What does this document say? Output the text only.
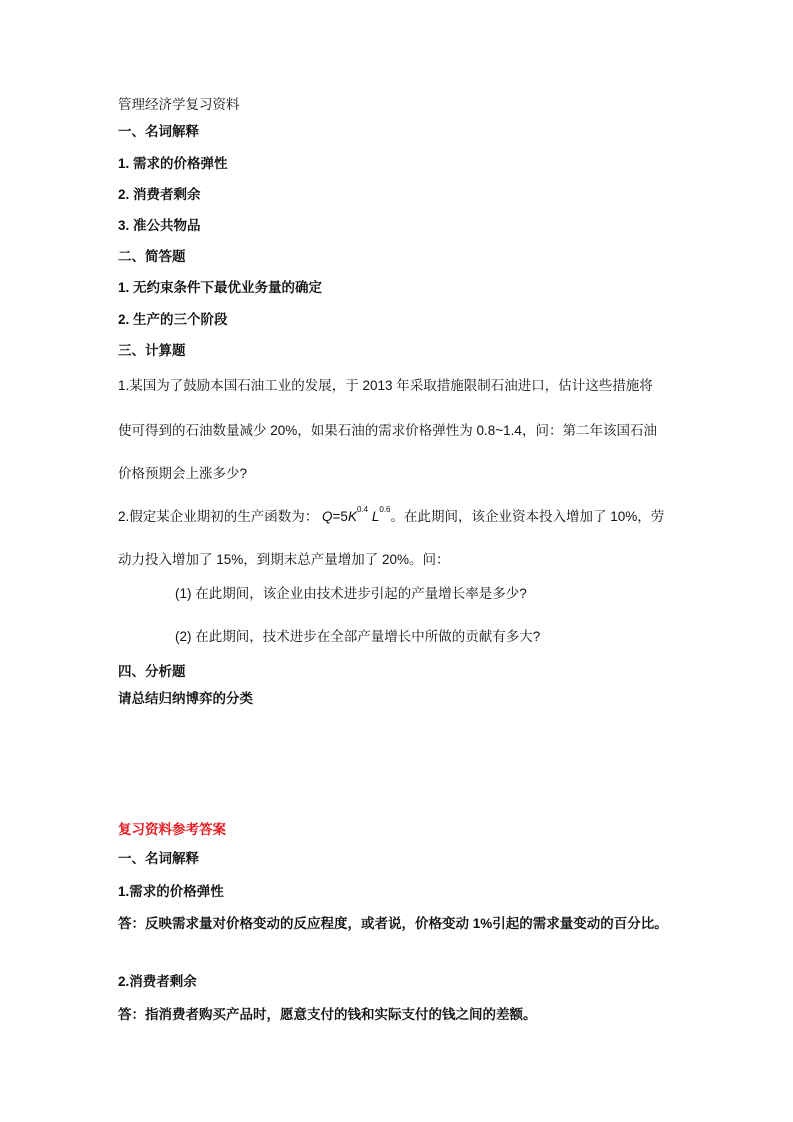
管理经济学复习资料
一、名词解释
1. 需求的价格弹性
2. 消费者剩余
3. 准公共物品
二、简答题
1. 无约束条件下最优业务量的确定
2. 生产的三个阶段
三、计算题
1.某国为了鼓励本国石油工业的发展，于 2013 年采取措施限制石油进口，估计这些措施将
使可得到的石油数量减少 20%，如果石油的需求价格弹性为 0.8~1.4，问：第二年该国石油
价格预期会上涨多少?
2.假定某企业期初的生产函数为： $Q=5K^{0.4}$ $L^{0.6}$。在此期间，该企业资本投入增加了 10%，劳
动力投入增加了 15%，到期末总产量增加了 20%。问：
(1) 在此期间，该企业由技术进步引起的产量增长率是多少?
(2) 在此期间，技术进步在全部产量增长中所做的贡献有多大?
四、分析题
请总结归纳博弈的分类
复习资料参考答案
一、名词解释
1.需求的价格弹性
答：反映需求量对价格变动的反应程度，或者说，价格变动 1%引起的需求量变动的百分比。
2.消费者剩余
答：指消费者购买产品时，愿意支付的钱和实际支付的钱之间的差额。
